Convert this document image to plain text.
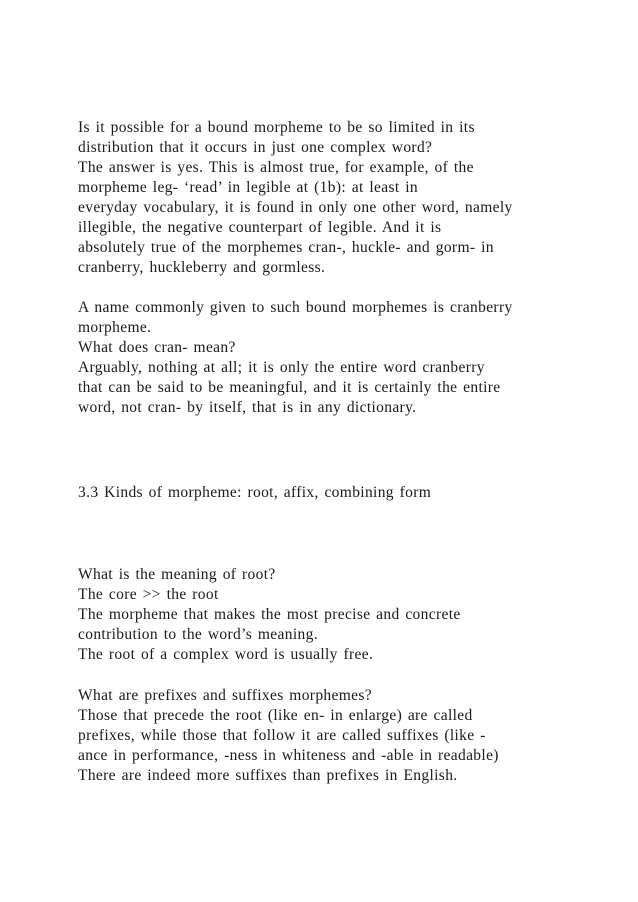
Is it possible for a bound morpheme to be so limited in its
distribution that it occurs in just one complex word?
The answer is yes. This is almost true, for example, of the
morpheme leg- ‘read’ in legible at (1b): at least in
everyday vocabulary, it is found in only one other word, namely
illegible, the negative counterpart of legible. And it is
absolutely true of the morphemes cran-, huckle- and gorm- in
cranberry, huckleberry and gormless.
A name commonly given to such bound morphemes is cranberry
morpheme.
What does cran- mean?
Arguably, nothing at all; it is only the entire word cranberry
that can be said to be meaningful, and it is certainly the entire
word, not cran- by itself, that is in any dictionary.
3.3 Kinds of morpheme: root, affix, combining form
What is the meaning of root?
The core >> the root
The morpheme that makes the most precise and concrete
contribution to the word’s meaning.
The root of a complex word is usually free.
What are prefixes and suffixes morphemes?
Those that precede the root (like en- in enlarge) are called
prefixes, while those that follow it are called suffixes (like -
ance in performance, -ness in whiteness and -able in readable)
There are indeed more suffixes than prefixes in English.
